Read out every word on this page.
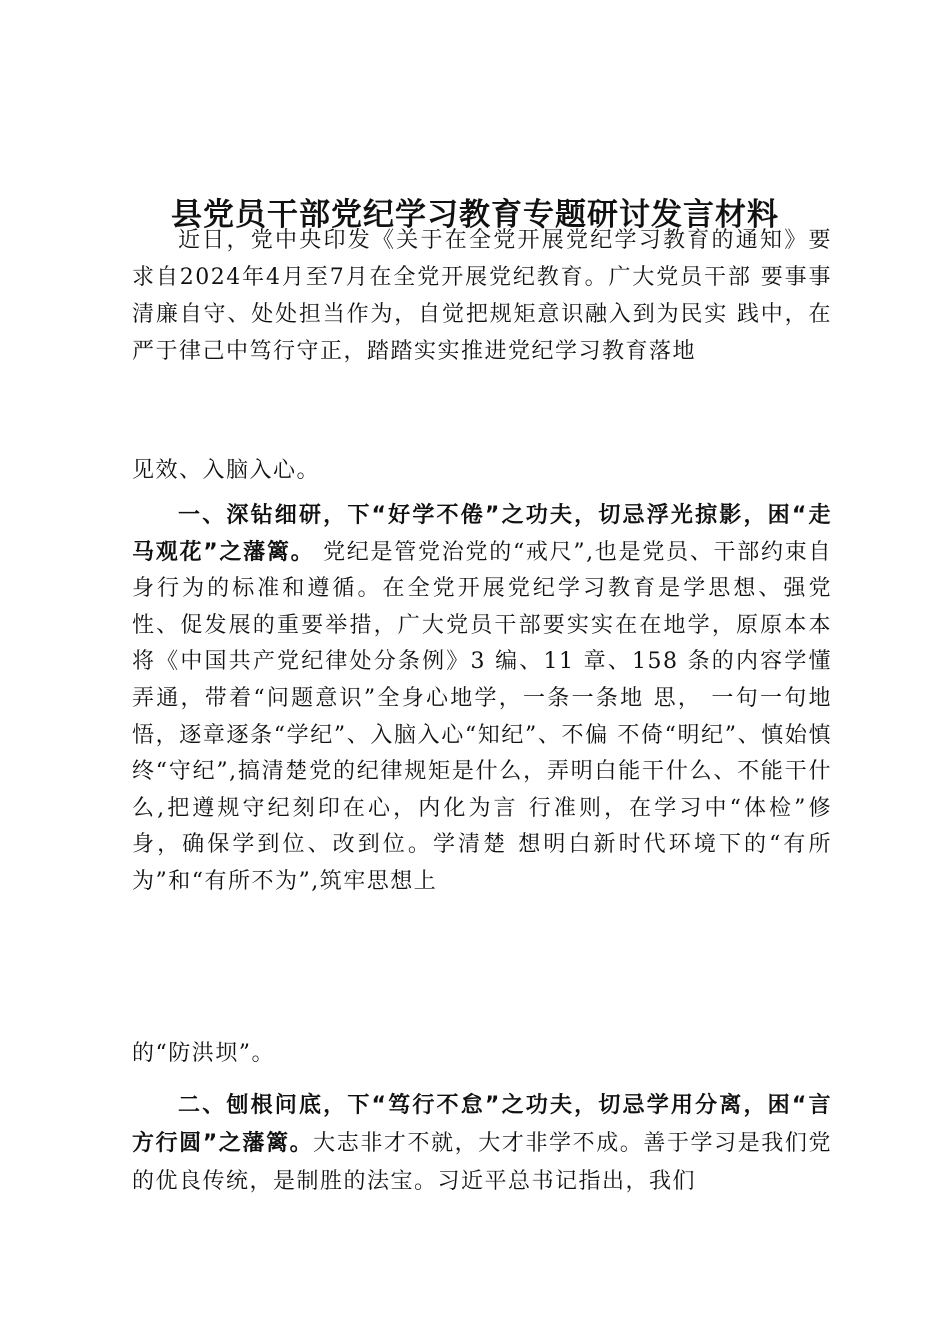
县党员干部党纪学习教育专题研讨发言材料

近日，党中央印发《关于在全党开展党纪学习教育的通知》要求自2024年4月至7月在全党开展党纪教育。广大党员干部 要事事清廉自守、处处担当作为，自觉把规矩意识融入到为民实 践中，在严于律己中笃行守正，踏踏实实推进党纪学习教育落地

见效、入脑入心。

一、深钻细研，下“好学不倦”之功夫，切忌浮光掠影，困“走马观花”之藩篱。 党纪是管党治党的“戒尺”,也是党员、干部约束自身行为的标准和遵循。在全党开展党纪学习教育是学思想、强党性、促发展的重要举措，广大党员干部要实实在在地学，原原本本将《中国共产党纪律处分条例》3 编、11 章、158 条的内容学懂弄通，带着“问题意识”全身心地学，一条一条地 思， 一句一句地悟，逐章逐条“学纪”、入脑入心“知纪”、不偏 不倚“明纪”、慎始慎终“守纪”,搞清楚党的纪律规矩是什么，弄明白能干什么、不能干什么,把遵规守纪刻印在心，内化为言 行准则，在学习中“体检”修身，确保学到位、改到位。学清楚 想明白新时代环境下的“有所为”和“有所不为”,筑牢思想上

的“防洪坝”。

二、刨根问底，下“笃行不怠”之功夫，切忌学用分离，困“言方行圆”之藩篱。大志非才不就，大才非学不成。善于学习是我们党的优良传统，是制胜的法宝。习近平总书记指出，我们
